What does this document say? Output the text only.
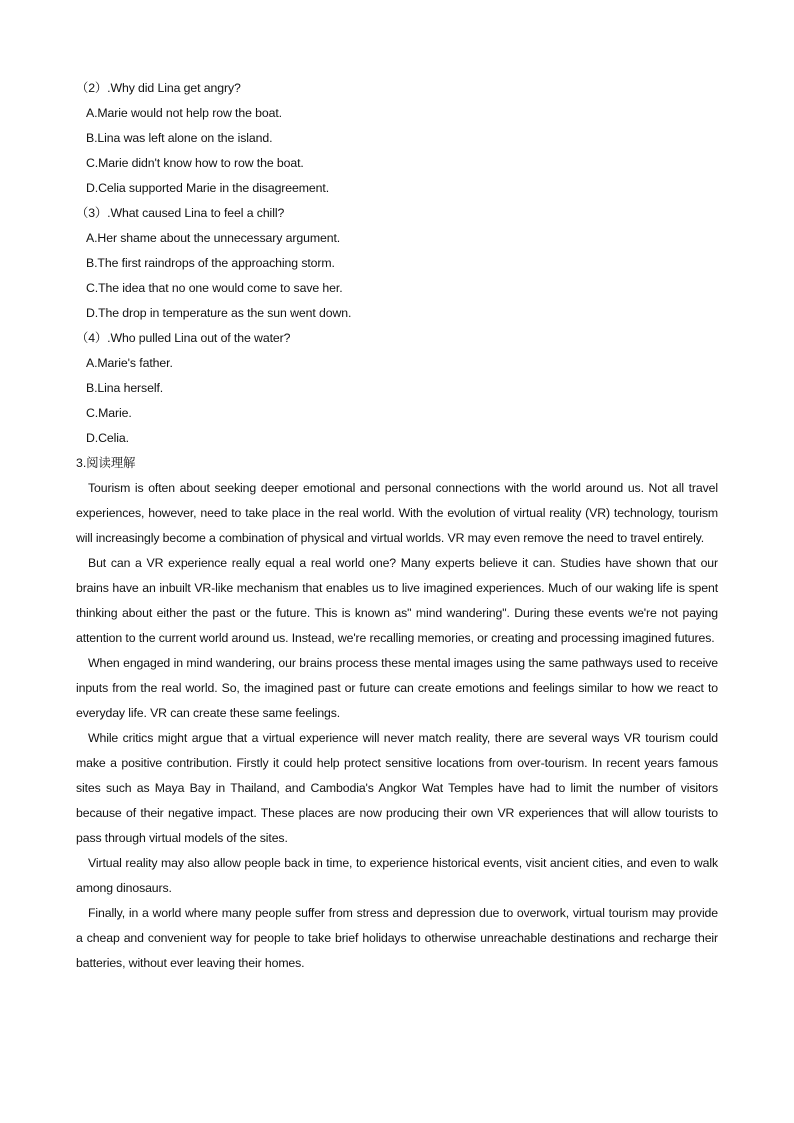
（2）.Why did Lina get angry?
A.Marie would not help row the boat.
B.Lina was left alone on the island.
C.Marie didn't know how to row the boat.
D.Celia supported Marie in the disagreement.
（3）.What caused Lina to feel a chill?
A.Her shame about the unnecessary argument.
B.The first raindrops of the approaching storm.
C.The idea that no one would come to save her.
D.The drop in temperature as the sun went down.
（4）.Who pulled Lina out of the water?
A.Marie's father.
B.Lina herself.
C.Marie.
D.Celia.
3.阅读理解

Tourism is often about seeking deeper emotional and personal connections with the world around us. Not all travel experiences, however, need to take place in the real world. With the evolution of virtual reality (VR) technology, tourism will increasingly become a combination of physical and virtual worlds. VR may even remove the need to travel entirely.

But can a VR experience really equal a real world one? Many experts believe it can. Studies have shown that our brains have an inbuilt VR-like mechanism that enables us to live imagined experiences. Much of our waking life is spent thinking about either the past or the future. This is known as" mind wandering". During these events we're not paying attention to the current world around us. Instead, we're recalling memories, or creating and processing imagined futures.

When engaged in mind wandering, our brains process these mental images using the same pathways used to receive inputs from the real world. So, the imagined past or future can create emotions and feelings similar to how we react to everyday life. VR can create these same feelings.

While critics might argue that a virtual experience will never match reality, there are several ways VR tourism could make a positive contribution. Firstly it could help protect sensitive locations from over-tourism. In recent years famous sites such as Maya Bay in Thailand, and Cambodia's Angkor Wat Temples have had to limit the number of visitors because of their negative impact. These places are now producing their own VR experiences that will allow tourists to pass through virtual models of the sites.

Virtual reality may also allow people back in time, to experience historical events, visit ancient cities, and even to walk among dinosaurs.

Finally, in a world where many people suffer from stress and depression due to overwork, virtual tourism may provide a cheap and convenient way for people to take brief holidays to otherwise unreachable destinations and recharge their batteries, without ever leaving their homes.
